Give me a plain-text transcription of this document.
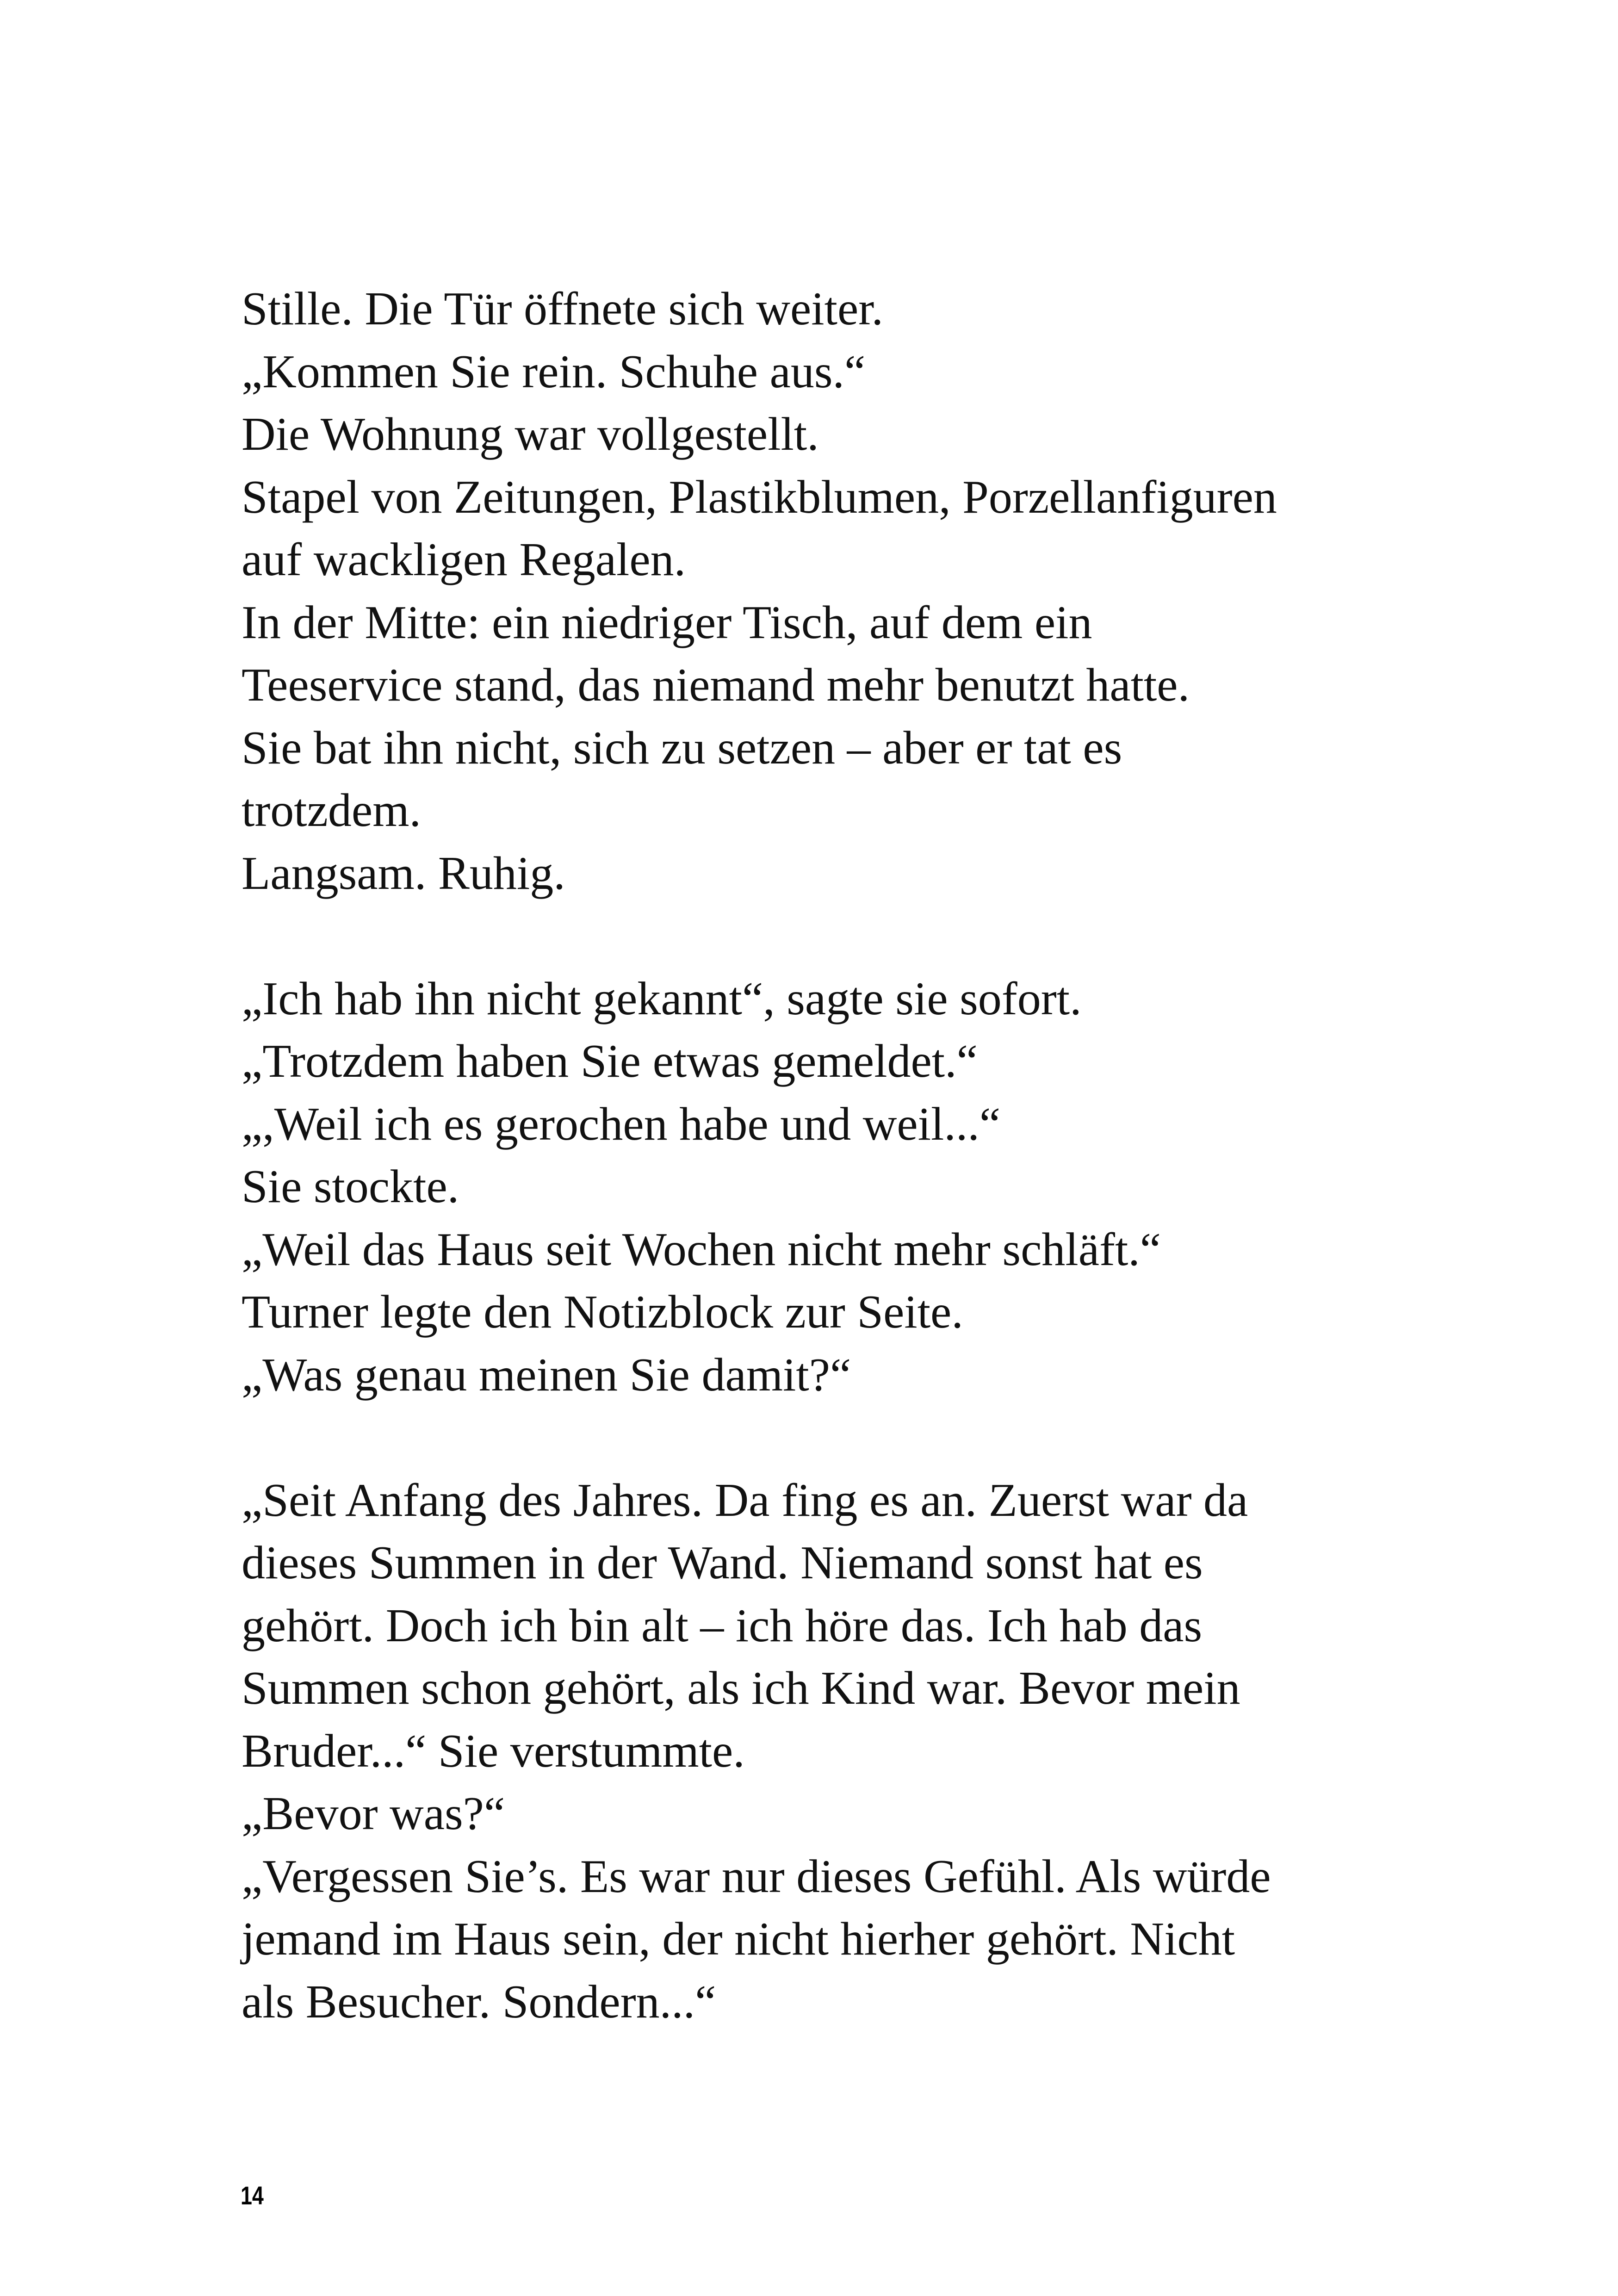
Stille. Die Tür öffnete sich weiter.
„Kommen Sie rein. Schuhe aus.“
Die Wohnung war vollgestellt.
Stapel von Zeitungen, Plastikblumen, Porzellanfiguren
auf wackligen Regalen.
In der Mitte: ein niedriger Tisch, auf dem ein
Teeservice stand, das niemand mehr benutzt hatte.
Sie bat ihn nicht, sich zu setzen – aber er tat es
trotzdem.
Langsam. Ruhig.
„Ich hab ihn nicht gekannt“, sagte sie sofort.
„Trotzdem haben Sie etwas gemeldet.“
„,Weil ich es gerochen habe und weil...“
Sie stockte.
„Weil das Haus seit Wochen nicht mehr schläft.“
Turner legte den Notizblock zur Seite.
„Was genau meinen Sie damit?“
„Seit Anfang des Jahres. Da fing es an. Zuerst war da
dieses Summen in der Wand. Niemand sonst hat es
gehört. Doch ich bin alt – ich höre das. Ich hab das
Summen schon gehört, als ich Kind war. Bevor mein
Bruder...“ Sie verstummte.
„Bevor was?“
„Vergessen Sie’s. Es war nur dieses Gefühl. Als würde
jemand im Haus sein, der nicht hierher gehört. Nicht
als Besucher. Sondern...“
14
